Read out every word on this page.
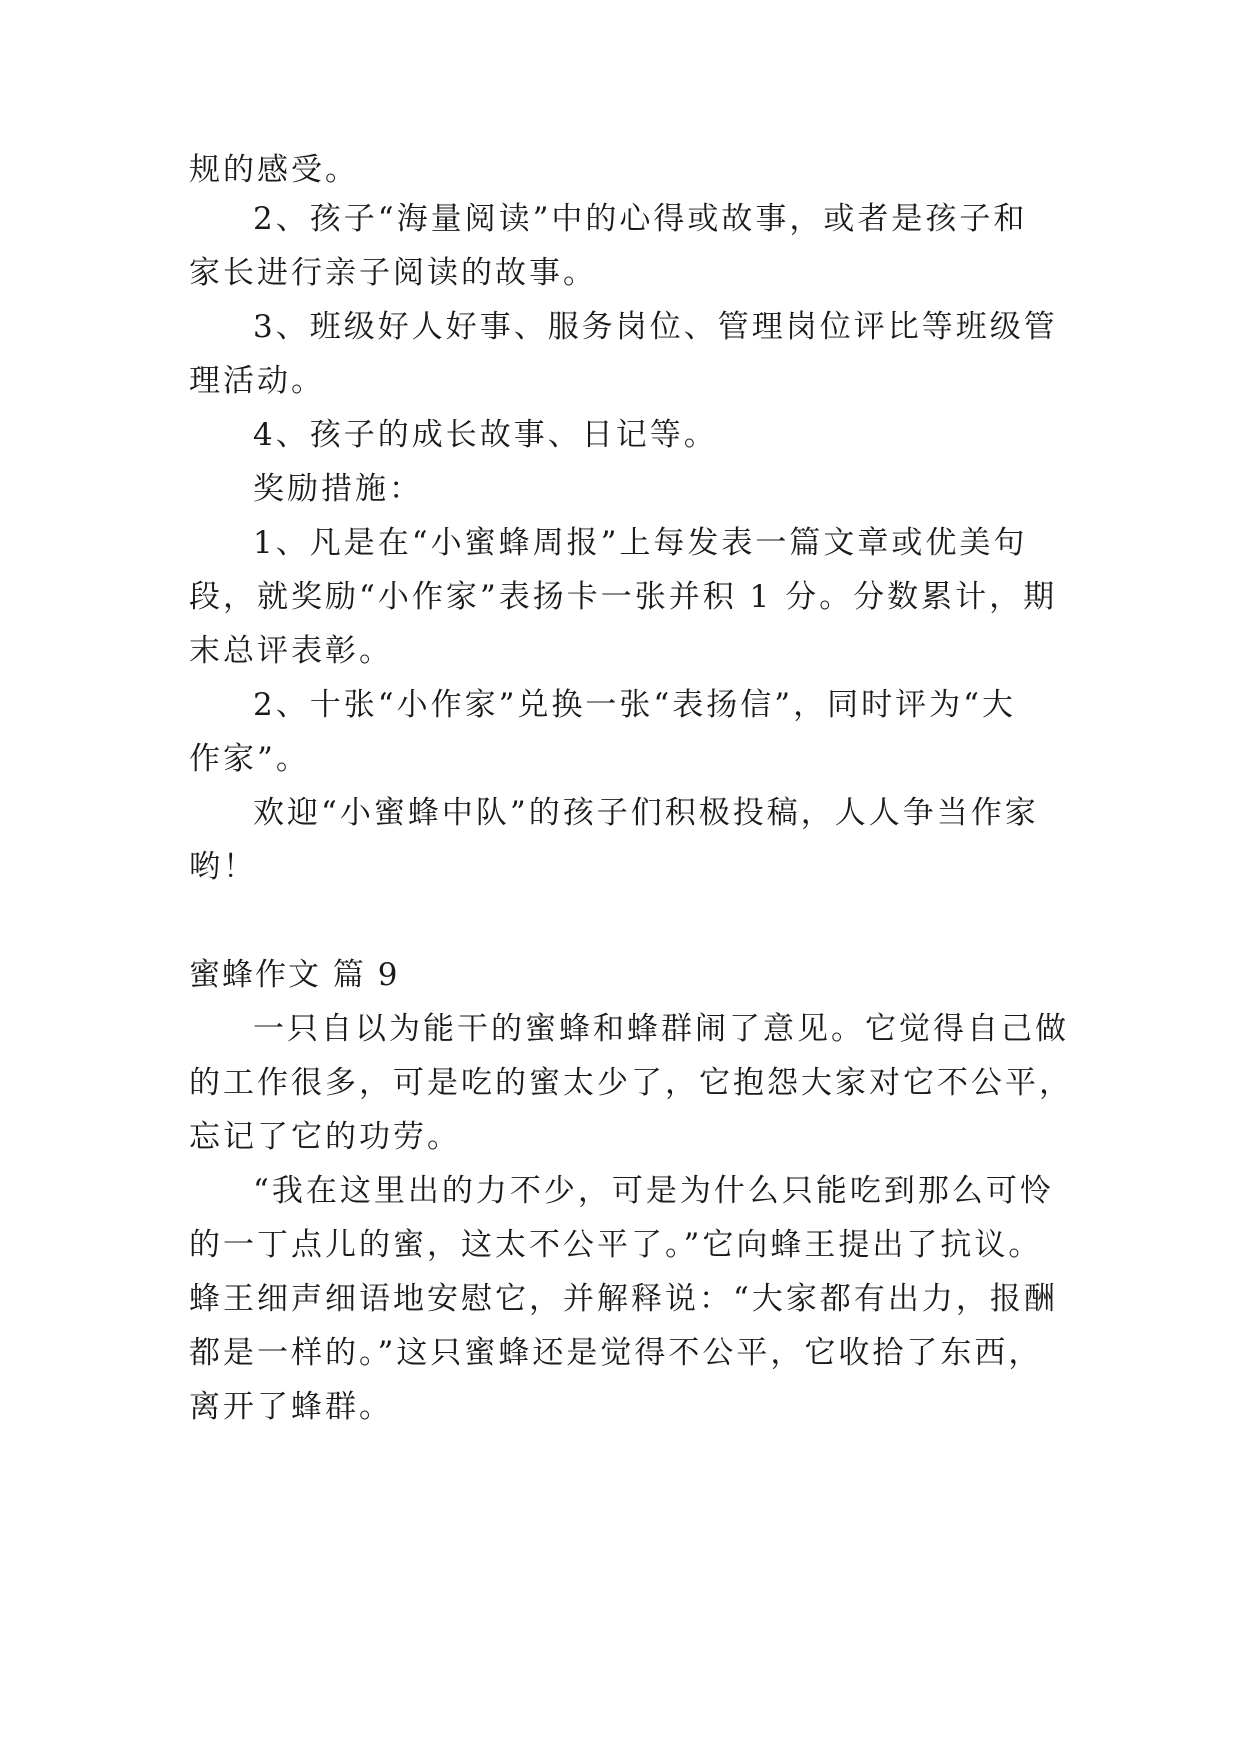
规的感受。
2、孩子“海量阅读”中的心得或故事，或者是孩子和
家长进行亲子阅读的故事。
3、班级好人好事、服务岗位、管理岗位评比等班级管
理活动。
4、孩子的成长故事、日记等。
奖励措施：
1、凡是在“小蜜蜂周报”上每发表一篇文章或优美句
段，就奖励“小作家”表扬卡一张并积 1 分。分数累计，期
末总评表彰。
2、十张“小作家”兑换一张“表扬信”，同时评为“大
作家”。
欢迎“小蜜蜂中队”的孩子们积极投稿，人人争当作家
哟！
蜜蜂作文 篇 9
一只自以为能干的蜜蜂和蜂群闹了意见。它觉得自己做
的工作很多，可是吃的蜜太少了，它抱怨大家对它不公平，
忘记了它的功劳。
“我在这里出的力不少，可是为什么只能吃到那么可怜
的一丁点儿的蜜，这太不公平了。”它向蜂王提出了抗议。
蜂王细声细语地安慰它，并解释说：“大家都有出力，报酬
都是一样的。”这只蜜蜂还是觉得不公平，它收拾了东西，
离开了蜂群。
